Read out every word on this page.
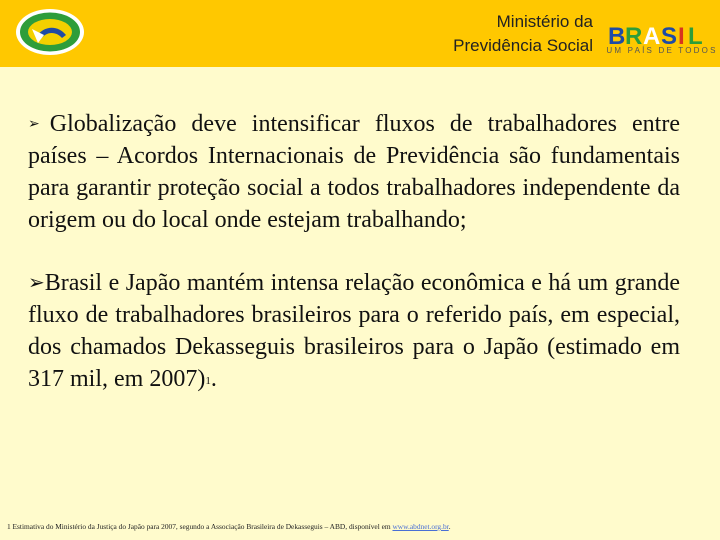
Ministério da
Previdência Social B R A S I L
UM PAÍS DE TODOS

➢ Globalização deve intensificar fluxos de trabalhadores entre países – Acordos Internacionais de Previdência são fundamentais para garantir proteção social a todos trabalhadores independente da origem ou do local onde estejam trabalhando;

➢Brasil e Japão mantém intensa relação econômica e há um grande fluxo de trabalhadores brasileiros para o referido país, em especial, dos chamados Dekasseguis brasileiros para o Japão (estimado em 317 mil, em 2007)1.

1 Estimativa do Ministério da Justiça do Japão para 2007, segundo a Associação Brasileira de Dekasseguis – ABD, disponível em www.abdnet.org.br.
